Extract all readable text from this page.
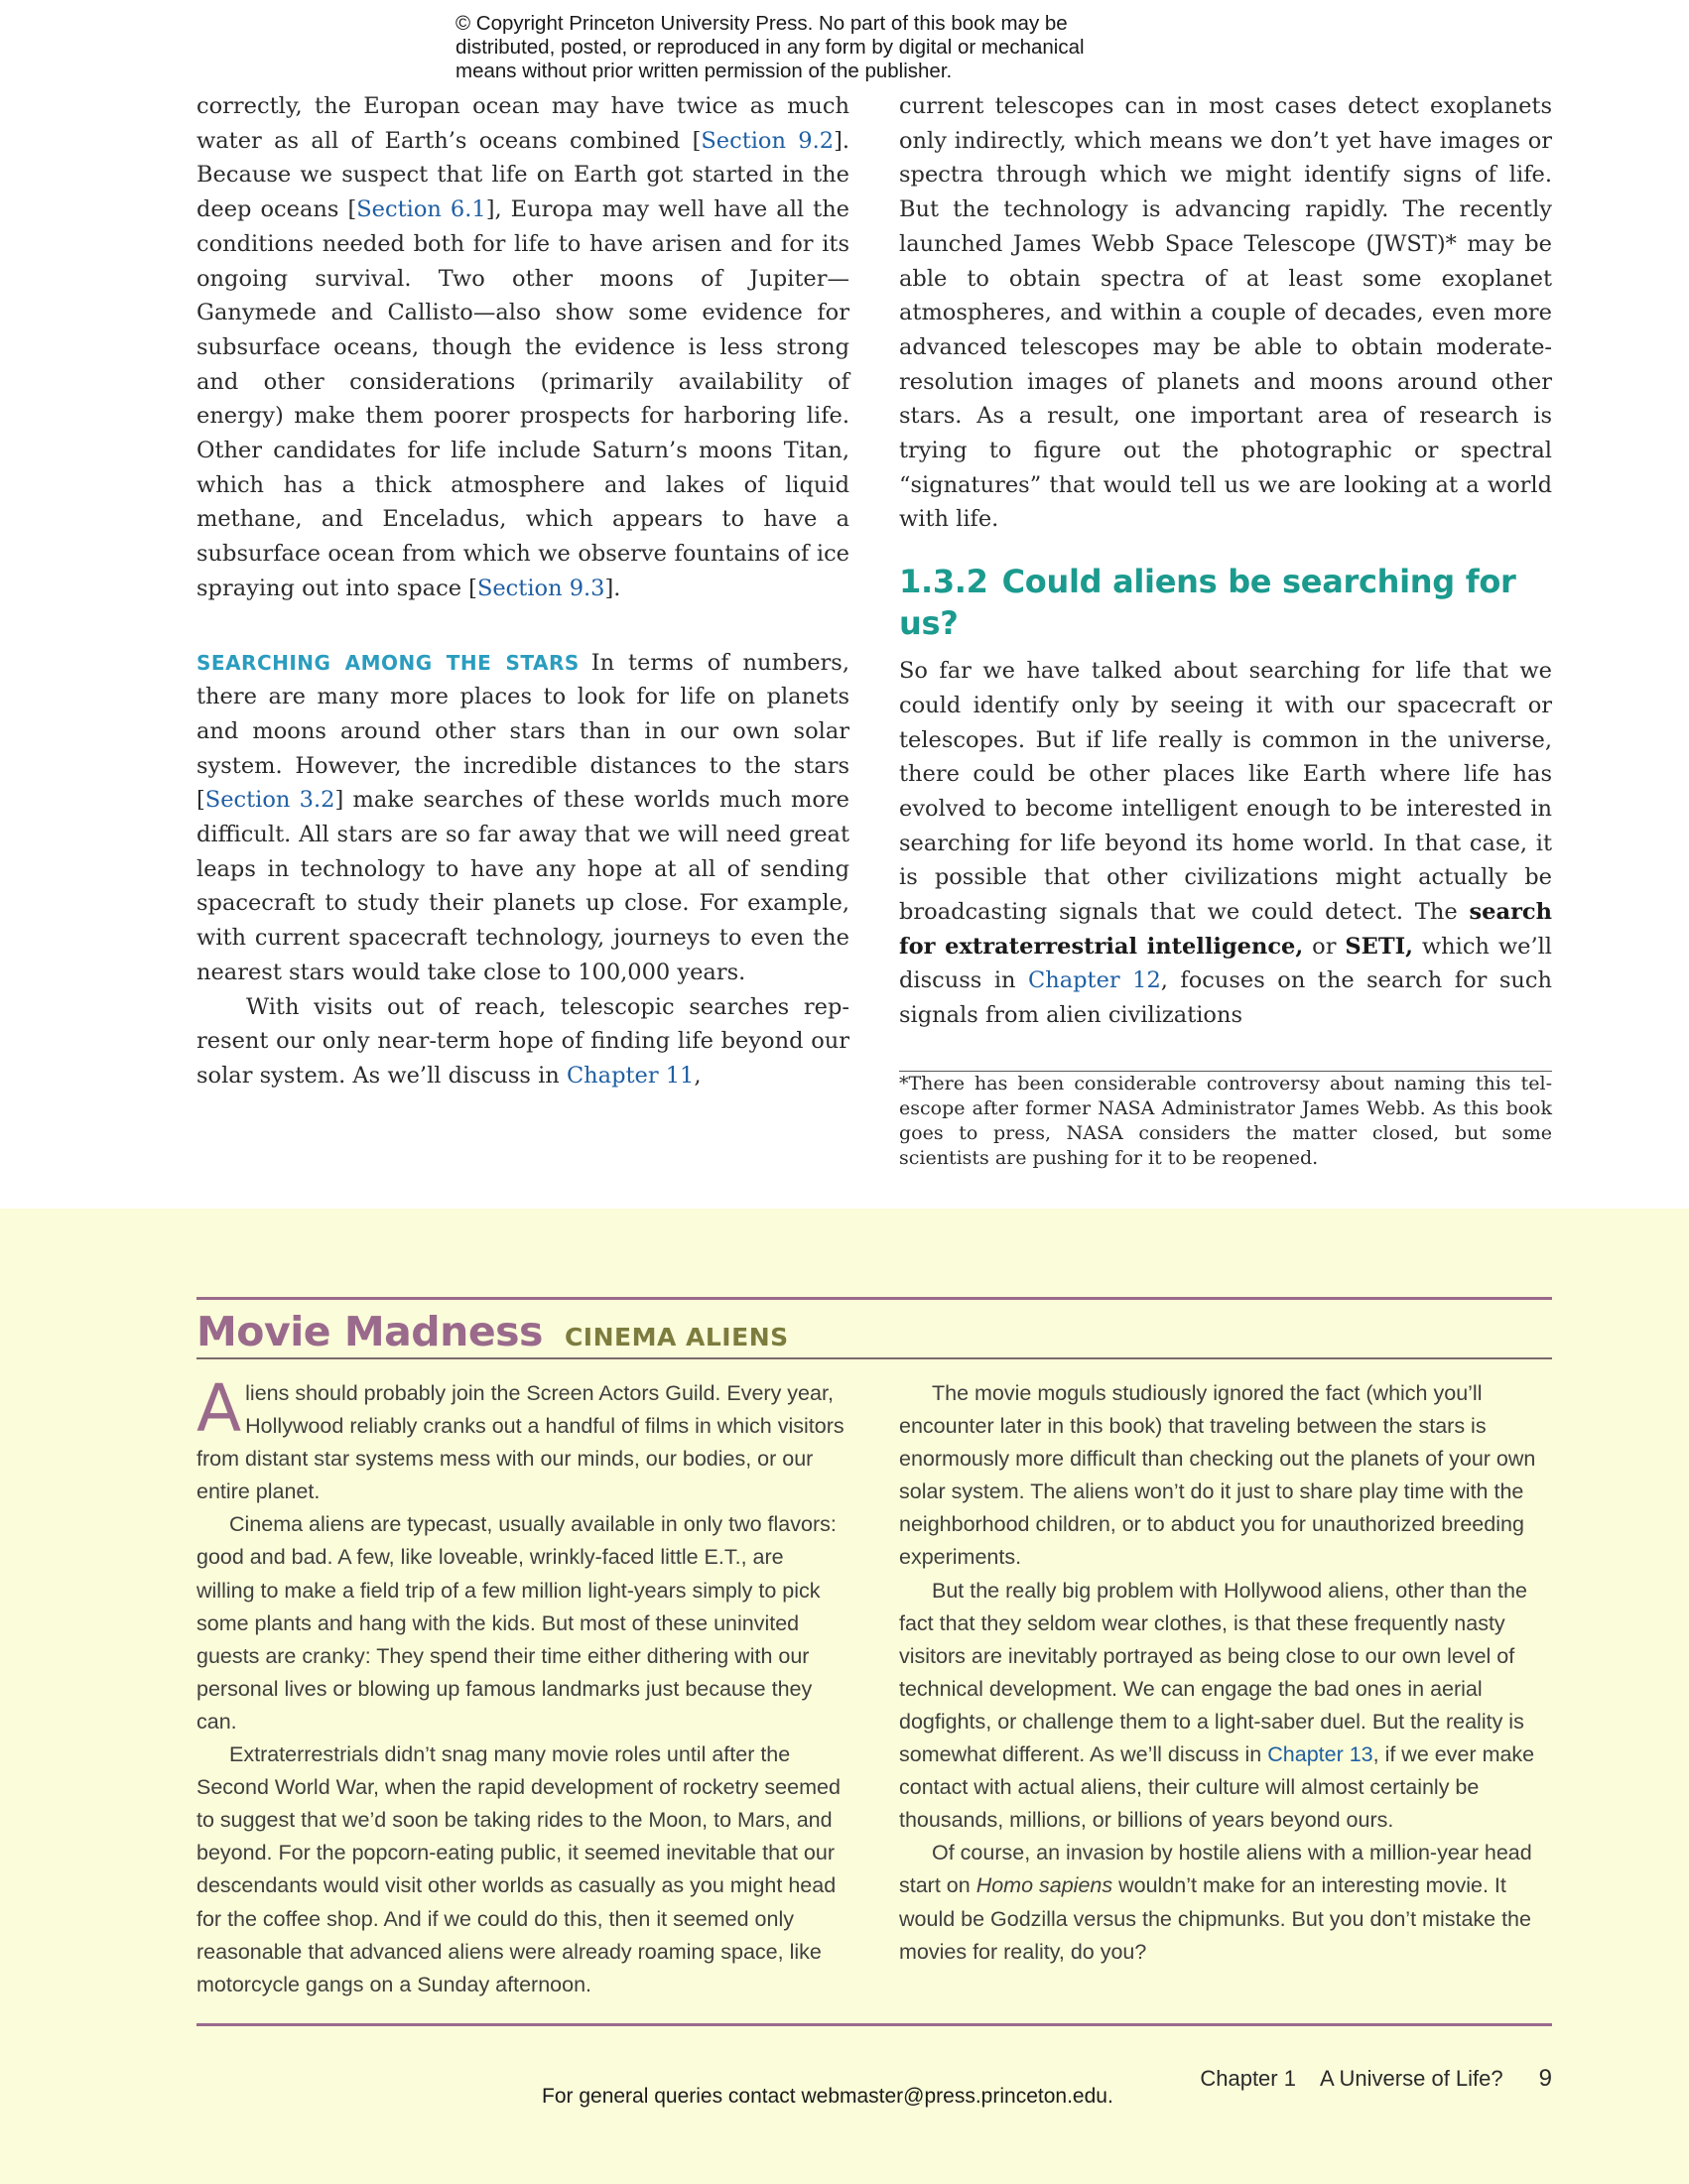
© Copyright Princeton University Press. No part of this book may be
distributed, posted, or reproduced in any form by digital or mechanical
means without prior written permission of the publisher.

correctly, the Europan ocean may have twice as much water as all of Earth’s oceans combined [Section 9.2]. Because we suspect that life on Earth got started in the deep oceans [Section 6.1], Europa may well have all the conditions needed both for life to have arisen and for its ongoing survival. Two other moons of Jupiter—Ganymede and Callisto—also show some evidence for subsurface oceans, though the evidence is less strong and other considerations (primarily availability of energy) make them poorer prospects for harboring life. Other candidates for life include Saturn’s moons Titan, which has a thick atmosphere and lakes of liquid methane, and Enceladus, which appears to have a subsurface ocean from which we observe fountains of ice spraying out into space [Section 9.3].

SEARCHING AMONG THE STARS In terms of numbers, there are many more places to look for life on planets and moons around other stars than in our own solar system. However, the incredible distances to the stars [Section 3.2] make searches of these worlds much more difficult. All stars are so far away that we will need great leaps in technology to have any hope at all of sending spacecraft to study their planets up close. For example, with current spacecraft technology, journeys to even the nearest stars would take close to 100,000 years.

With visits out of reach, telescopic searches represent our only near-term hope of finding life beyond our solar system. As we’ll discuss in Chapter 11,

current telescopes can in most cases detect exoplanets only indirectly, which means we don’t yet have images or spectra through which we might identify signs of life. But the technology is advancing rapidly. The recently launched James Webb Space Telescope (JWST)* may be able to obtain spectra of at least some exoplanet atmospheres, and within a couple of decades, even more advanced telescopes may be able to obtain moderate-resolution images of planets and moons around other stars. As a result, one important area of research is trying to figure out the photographic or spectral “signatures” that would tell us we are looking at a world with life.

1.3.2 Could aliens be searching for us?

So far we have talked about searching for life that we could identify only by seeing it with our spacecraft or telescopes. But if life really is common in the universe, there could be other places like Earth where life has evolved to become intelligent enough to be interested in searching for life beyond its home world. In that case, it is possible that other civilizations might actually be broadcasting signals that we could detect. The search for extraterrestrial intelligence, or SETI, which we’ll discuss in Chapter 12, focuses on the search for such signals from alien civilizations

*There has been considerable controversy about naming this telescope after former NASA Administrator James Webb. As this book goes to press, NASA considers the matter closed, but some scientists are pushing for it to be reopened.

Movie Madness CINEMA ALIENS

Aliens should probably join the Screen Actors Guild. Every year, Hollywood reliably cranks out a handful of films in which visitors from distant star systems mess with our minds, our bodies, or our entire planet.

Cinema aliens are typecast, usually available in only two flavors: good and bad. A few, like loveable, wrinkly-faced little E.T., are willing to make a field trip of a few million light-years simply to pick some plants and hang with the kids. But most of these uninvited guests are cranky: They spend their time either dithering with our personal lives or blowing up famous landmarks just because they can.

Extraterrestrials didn’t snag many movie roles until after the Second World War, when the rapid development of rocketry seemed to suggest that we’d soon be taking rides to the Moon, to Mars, and beyond. For the popcorn-eating public, it seemed inevitable that our descendants would visit other worlds as casually as you might head for the coffee shop. And if we could do this, then it seemed only reasonable that advanced aliens were already roaming space, like motorcycle gangs on a Sunday afternoon.

The movie moguls studiously ignored the fact (which you’ll encounter later in this book) that traveling between the stars is enormously more difficult than checking out the planets of your own solar system. The aliens won’t do it just to share play time with the neighborhood children, or to abduct you for unauthorized breeding experiments.

But the really big problem with Hollywood aliens, other than the fact that they seldom wear clothes, is that these frequently nasty visitors are inevitably portrayed as being close to our own level of technical development. We can engage the bad ones in aerial dogfights, or challenge them to a light-saber duel. But the reality is somewhat different. As we’ll discuss in Chapter 13, if we ever make contact with actual aliens, their culture will almost certainly be thousands, millions, or billions of years beyond ours.

Of course, an invasion by hostile aliens with a million-year head start on Homo sapiens wouldn’t make for an interesting movie. It would be Godzilla versus the chipmunks. But you don’t mistake the movies for reality, do you?

Chapter 1 A Universe of Life? 9
For general queries contact webmaster@press.princeton.edu.
